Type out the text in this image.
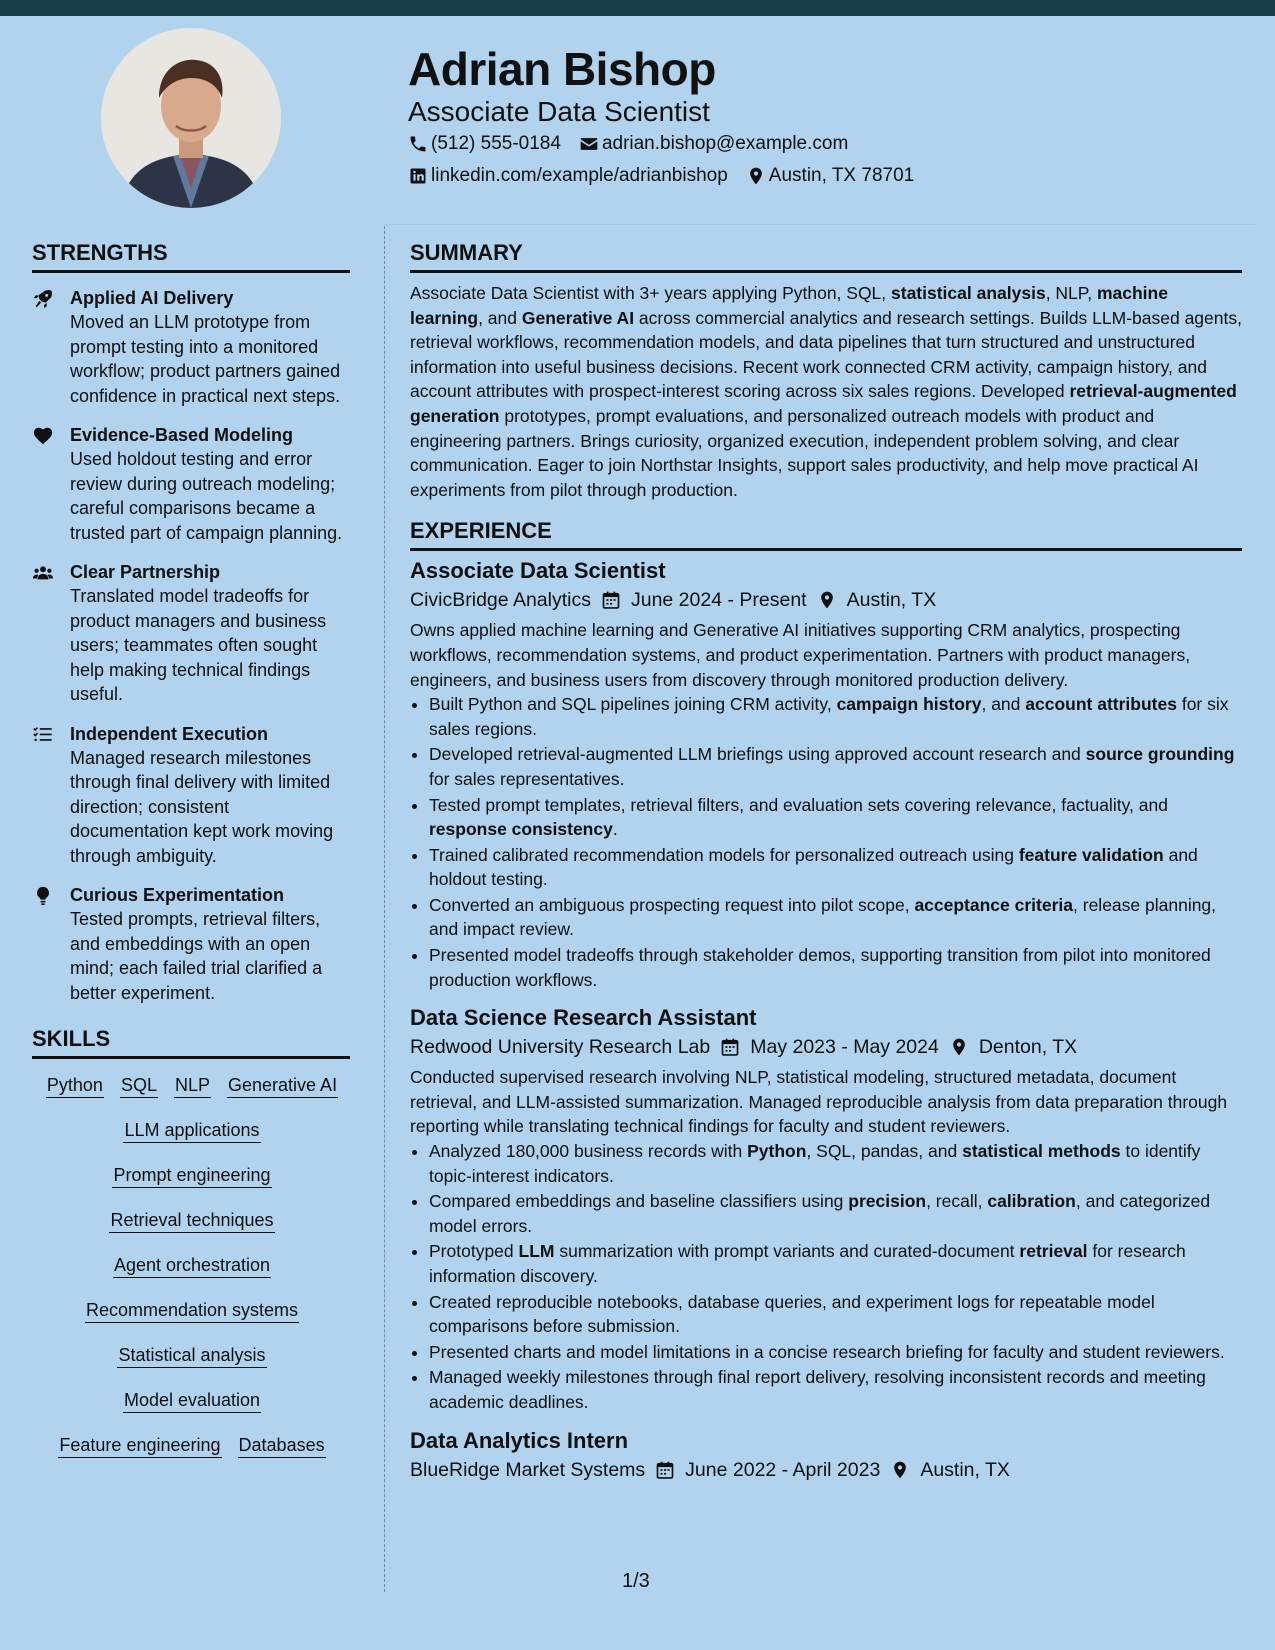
Adrian Bishop
Associate Data Scientist
(512) 555-0184 adrian.bishop@example.com
linkedin.com/example/adrianbishop Austin, TX 78701
STRENGTHS
Applied AI Delivery
Moved an LLM prototype from prompt testing into a monitored workflow; product partners gained confidence in practical next steps.
Evidence-Based Modeling
Used holdout testing and error review during outreach modeling; careful comparisons became a trusted part of campaign planning.
Clear Partnership
Translated model tradeoffs for product managers and business users; teammates often sought help making technical findings useful.
Independent Execution
Managed research milestones through final delivery with limited direction; consistent documentation kept work moving through ambiguity.
Curious Experimentation
Tested prompts, retrieval filters, and embeddings with an open mind; each failed trial clarified a better experiment.
SKILLS
Python SQL NLP Generative AI
LLM applications
Prompt engineering
Retrieval techniques
Agent orchestration
Recommendation systems
Statistical analysis
Model evaluation
Feature engineering Databases
SUMMARY

Associate Data Scientist with 3+ years applying Python, SQL, statistical analysis, NLP, machine learning, and Generative AI across commercial analytics and research settings. Builds LLM-based agents, retrieval workflows, recommendation models, and data pipelines that turn structured and unstructured information into useful business decisions. Recent work connected CRM activity, campaign history, and account attributes with prospect-interest scoring across six sales regions. Developed retrieval-augmented generation prototypes, prompt evaluations, and personalized outreach models with product and engineering partners. Brings curiosity, organized execution, independent problem solving, and clear communication. Eager to join Northstar Insights, support sales productivity, and help move practical AI experiments from pilot through production.

EXPERIENCE
Associate Data Scientist
CivicBridge Analytics June 2024 - Present Austin, TX

Owns applied machine learning and Generative AI initiatives supporting CRM analytics, prospecting workflows, recommendation systems, and product experimentation. Partners with product managers, engineers, and business users from discovery through monitored production delivery.

• Built Python and SQL pipelines joining CRM activity, campaign history, and account attributes for six sales regions.
• Developed retrieval-augmented LLM briefings using approved account research and source grounding for sales representatives.
• Tested prompt templates, retrieval filters, and evaluation sets covering relevance, factuality, and response consistency.
• Trained calibrated recommendation models for personalized outreach using feature validation and holdout testing.
• Converted an ambiguous prospecting request into pilot scope, acceptance criteria, release planning, and impact review.
• Presented model tradeoffs through stakeholder demos, supporting transition from pilot into monitored production workflows.
Data Science Research Assistant
Redwood University Research Lab May 2023 - May 2024 Denton, TX

Conducted supervised research involving NLP, statistical modeling, structured metadata, document retrieval, and LLM-assisted summarization. Managed reproducible analysis from data preparation through reporting while translating technical findings for faculty and student reviewers.

• Analyzed 180,000 business records with Python, SQL, pandas, and statistical methods to identify topic-interest indicators.
• Compared embeddings and baseline classifiers using precision, recall, calibration, and categorized model errors.
• Prototyped LLM summarization with prompt variants and curated-document retrieval for research information discovery.
• Created reproducible notebooks, database queries, and experiment logs for repeatable model comparisons before submission.
• Presented charts and model limitations in a concise research briefing for faculty and student reviewers.
• Managed weekly milestones through final report delivery, resolving inconsistent records and meeting academic deadlines.
Data Analytics Intern
BlueRidge Market Systems June 2022 - April 2023 Austin, TX
1/3
